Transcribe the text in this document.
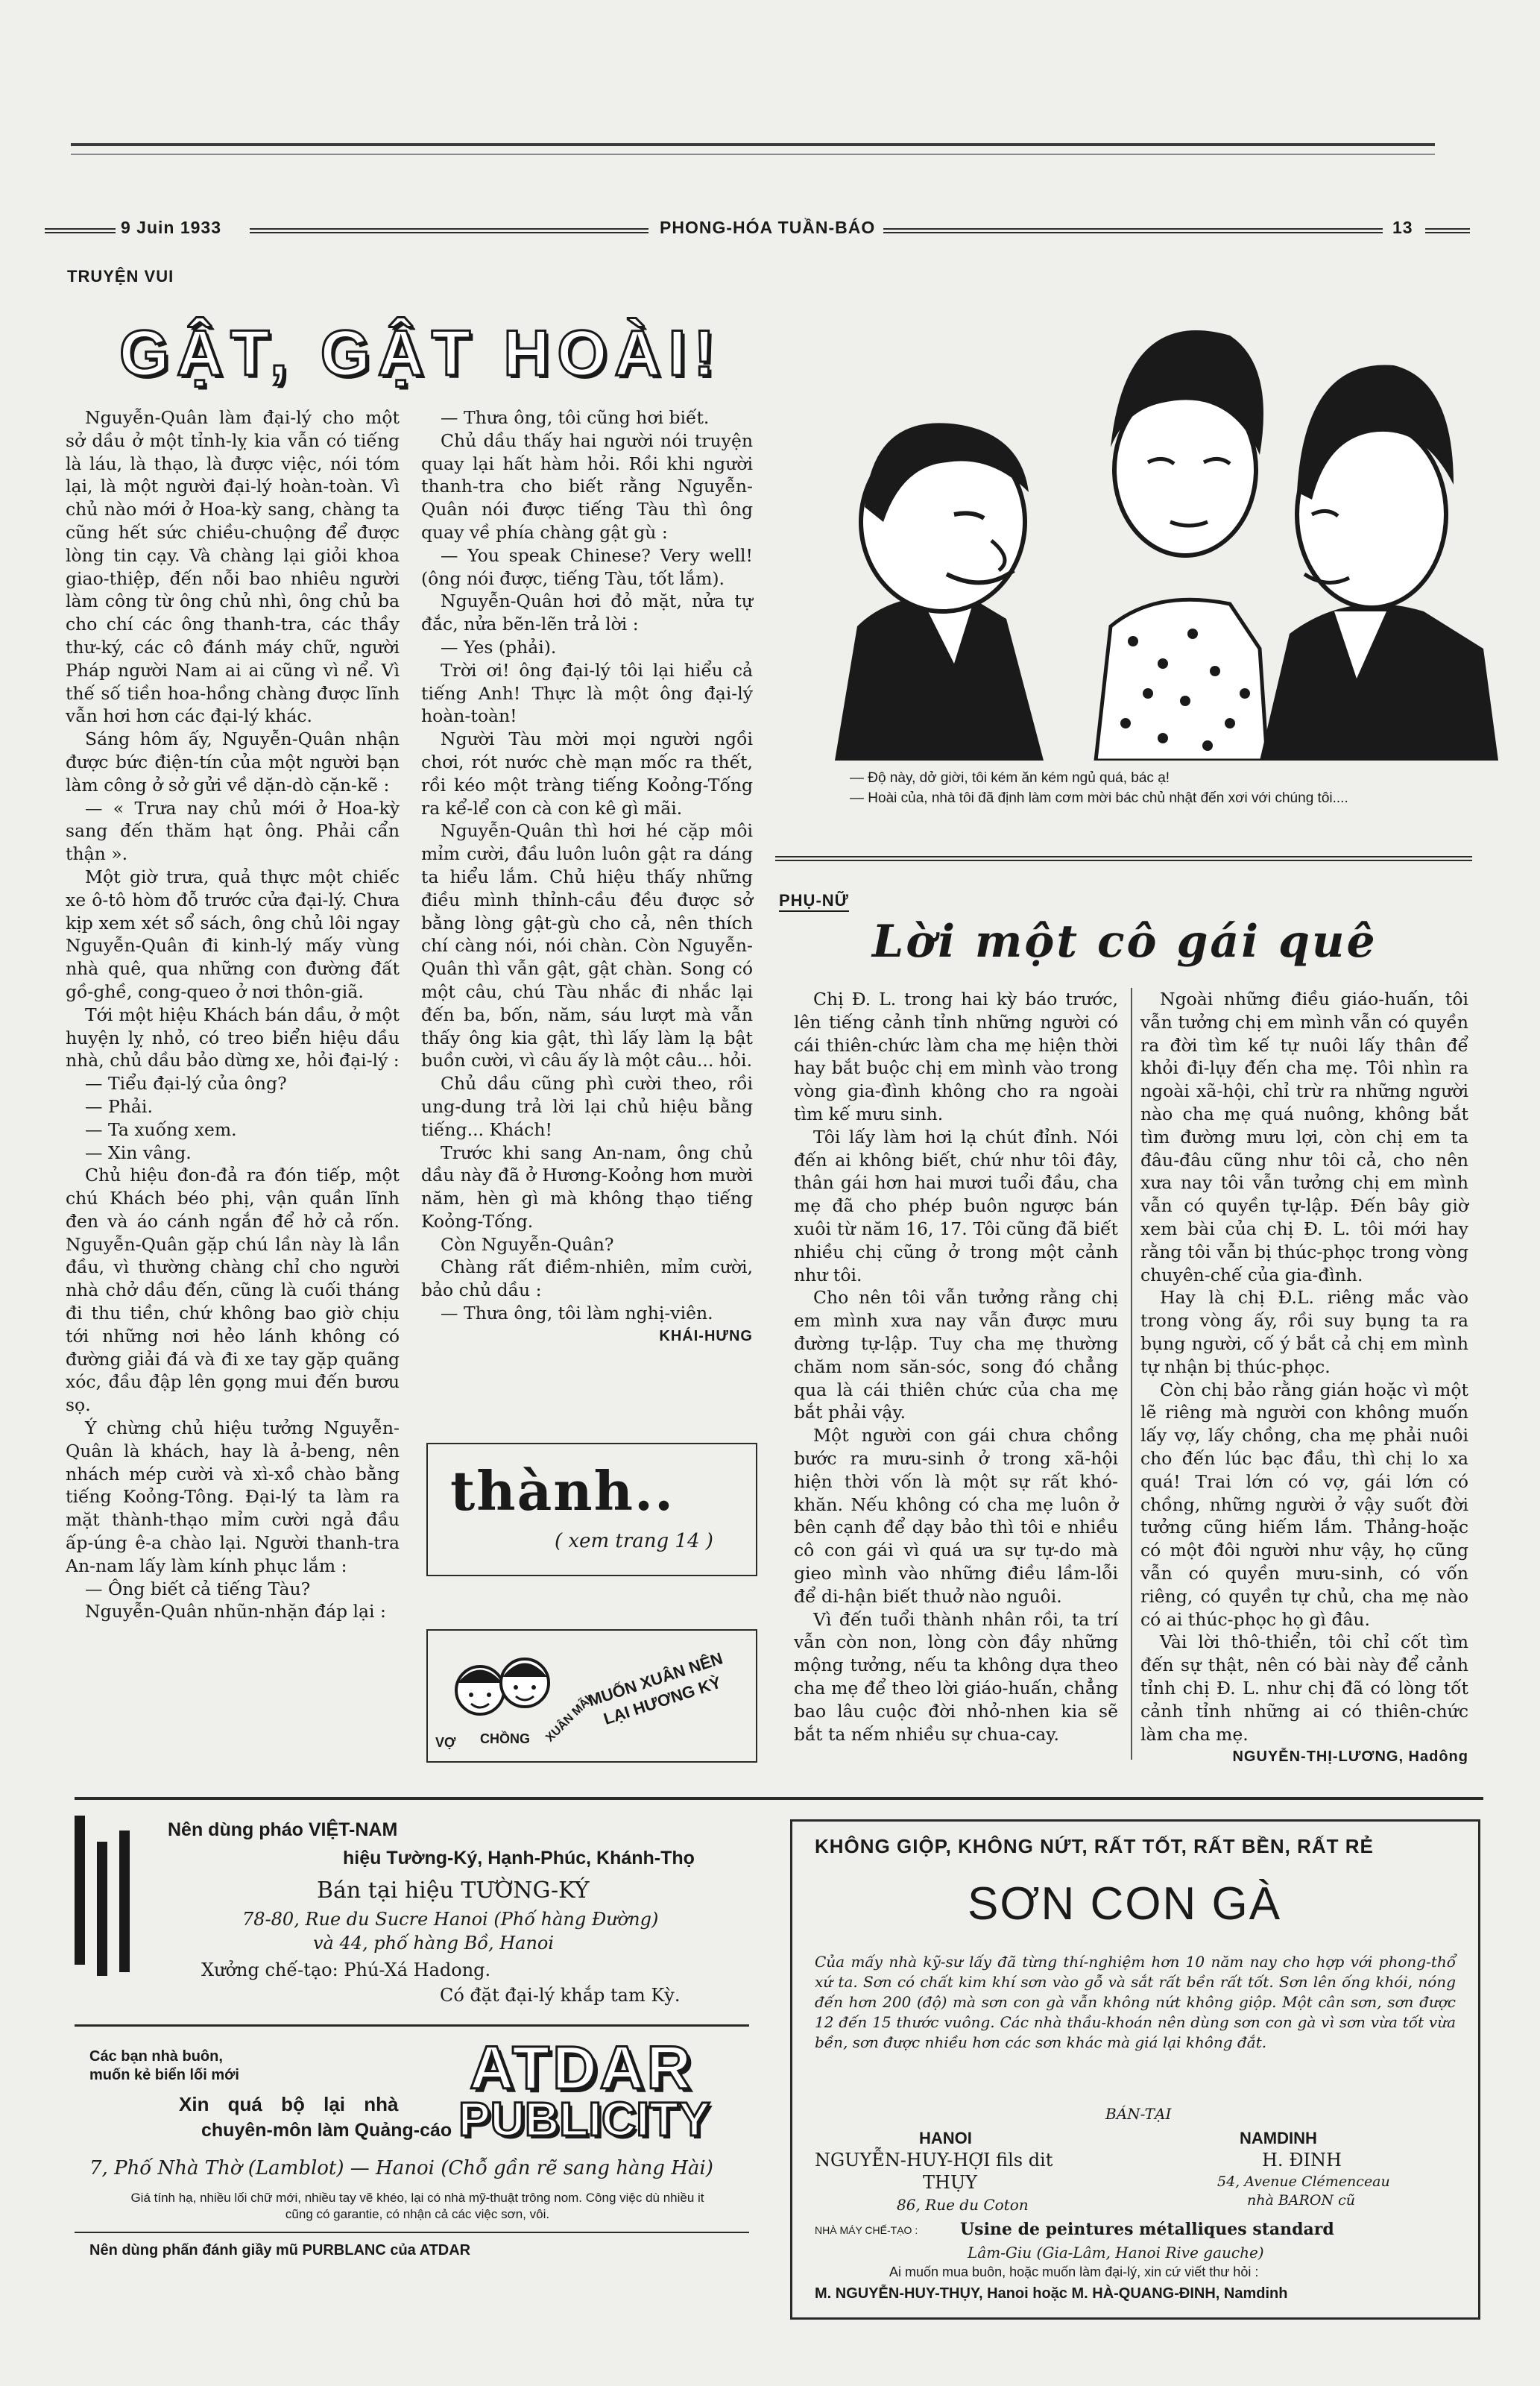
9 Juin 1933	PHONG-HÓA TUẦN-BÁO	13
TRUYỆN VUI
GẬT, GẬT HOÀI!

Nguyễn-Quân làm đại-lý cho một sở dầu ở một tỉnh-lỵ kia vẫn có tiếng là láu, là thạo, là được việc, nói tóm lại, là một người đại-lý hoàn-toàn. Vì chủ nào mới ở Hoa-kỳ sang, chàng ta cũng hết sức chiều-chuộng để được lòng tin cạy. Và chàng lại giỏi khoa giao-thiệp, đến nỗi bao nhiêu người làm công từ ông chủ nhì, ông chủ ba cho chí các ông thanh-tra, các thầy thư-ký, các cô đánh máy chữ, người Pháp người Nam ai ai cũng vì nể. Vì thế số tiền hoa-hồng chàng được lĩnh vẫn hơi hơn các đại-lý khác.

Sáng hôm ấy, Nguyễn-Quân nhận được bức điện-tín của một người bạn làm công ở sở gửi về dặn-dò cặn-kẽ :

— « Trưa nay chủ mới ở Hoa-kỳ sang đến thăm hạt ông. Phải cẩn thận ».

Một giờ trưa, quả thực một chiếc xe ô-tô hòm đỗ trước cửa đại-lý. Chưa kịp xem xét sổ sách, ông chủ lôi ngay Nguyễn-Quân đi kinh-lý mấy vùng nhà quê, qua những con đường đất gồ-ghề, cong-queo ở nơi thôn-giã.

Tới một hiệu Khách bán dầu, ở một huyện lỵ nhỏ, có treo biển hiệu dầu nhà, chủ dầu bảo dừng xe, hỏi đại-lý :

— Tiểu đại-lý của ông?

— Phải.

— Ta xuống xem.

— Xin vâng.

Chủ hiệu đon-đả ra đón tiếp, một chú Khách béo phị, vận quần lĩnh đen và áo cánh ngắn để hở cả rốn. Nguyễn-Quân gặp chú lần này là lần đầu, vì thường chàng chỉ cho người nhà chở dầu đến, cũng là cuối tháng đi thu tiền, chứ không bao giờ chịu tới những nơi hẻo lánh không có đường giải đá và đi xe tay gặp quãng xóc, đầu đập lên gọng mui đến bươu sọ.

Ý chừng chủ hiệu tưởng Nguyễn-Quân là khách, hay là ả-beng, nên nhách mép cười và xì-xồ chào bằng tiếng Koỏng-Tông. Đại-lý ta làm ra mặt thành-thạo mỉm cười ngả đầu ấp-úng ê-a chào lại. Người thanh-tra An-nam lấy làm kính phục lắm :

— Ông biết cả tiếng Tàu?

Nguyễn-Quân nhũn-nhặn đáp lại :

— Thưa ông, tôi cũng hơi biết.

Chủ dầu thấy hai người nói truyện quay lại hất hàm hỏi. Rồi khi người thanh-tra cho biết rằng Nguyễn-Quân nói được tiếng Tàu thì ông quay về phía chàng gật gù :

— You speak Chinese? Very well! (ông nói được, tiếng Tàu, tốt lắm).

Nguyễn-Quân hơi đỏ mặt, nửa tự đắc, nửa bẽn-lẽn trả lời :

— Yes (phải).

Trời ơi! ông đại-lý tôi lại hiểu cả tiếng Anh! Thực là một ông đại-lý hoàn-toàn!

Người Tàu mời mọi người ngồi chơi, rót nước chè mạn mốc ra thết, rồi kéo một tràng tiếng Koỏng-Tống ra kể-lể con cà con kê gì mãi.

Nguyễn-Quân thì hơi hé cặp môi mỉm cười, đầu luôn luôn gật ra dáng ta hiểu lắm. Chủ hiệu thấy những điều mình thỉnh-cầu đều được sở bằng lòng gật-gù cho cả, nên thích chí càng nói, nói chàn. Còn Nguyễn-Quân thì vẫn gật, gật chàn. Song có một câu, chú Tàu nhắc đi nhắc lại đến ba, bốn, năm, sáu lượt mà vẫn thấy ông kia gật, thì lấy làm lạ bật buồn cười, vì câu ấy là một câu... hỏi.

Chủ dầu cũng phì cười theo, rồi ung-dung trả lời lại chủ hiệu bằng tiếng... Khách!

Trước khi sang An-nam, ông chủ dầu này đã ở Hương-Koỏng hơn mười năm, hèn gì mà không thạo tiếng Koỏng-Tống.

Còn Nguyễn-Quân?

Chàng rất điềm-nhiên, mỉm cười, bảo chủ dầu :

— Thưa ông, tôi làm nghị-viên.

KHÁI-HƯNG

thành..
( xem trang 14 )
VỢ CHỒNG XUÂN MÃI
MUỐN XUÂN NÊN LẠI HƯƠNG KỲ
— Độ này, dở giời, tôi kém ăn kém ngủ quá, bác ạ!
— Hoài của, nhà tôi đã định làm cơm mời bác chủ nhật đến xơi với chúng tôi....
PHỤ-NỮ
Lời một cô gái quê

Chị Đ. L. trong hai kỳ báo trước, lên tiếng cảnh tỉnh những người có cái thiên-chức làm cha mẹ hiện thời hay bắt buộc chị em mình vào trong vòng gia-đình không cho ra ngoài tìm kế mưu sinh.

Tôi lấy làm hơi lạ chút đỉnh. Nói đến ai không biết, chứ như tôi đây, thân gái hơn hai mươi tuổi đầu, cha mẹ đã cho phép buôn ngược bán xuôi từ năm 16, 17. Tôi cũng đã biết nhiều chị cũng ở trong một cảnh như tôi.

Cho nên tôi vẫn tưởng rằng chị em mình xưa nay vẫn được mưu đường tự-lập. Tuy cha mẹ thường chăm nom săn-sóc, song đó chẳng qua là cái thiên chức của cha mẹ bắt phải vậy.

Một người con gái chưa chồng bước ra mưu-sinh ở trong xã-hội hiện thời vốn là một sự rất khó-khăn. Nếu không có cha mẹ luôn ở bên cạnh để dạy bảo thì tôi e nhiều cô con gái vì quá ưa sự tự-do mà gieo mình vào những điều lầm-lỗi để di-hận biết thuở nào nguôi.

Vì đến tuổi thành nhân rồi, ta trí vẫn còn non, lòng còn đầy những mộng tưởng, nếu ta không dựa theo cha mẹ để theo lời giáo-huấn, chẳng bao lâu cuộc đời nhỏ-nhen kia sẽ bắt ta nếm nhiều sự chua-cay.

Ngoài những điều giáo-huấn, tôi vẫn tưởng chị em mình vẫn có quyền ra đời tìm kế tự nuôi lấy thân để khỏi đi-lụy đến cha mẹ. Tôi nhìn ra ngoài xã-hội, chỉ trừ ra những người nào cha mẹ quá nuông, không bắt tìm đường mưu lợi, còn chị em ta đâu-đâu cũng như tôi cả, cho nên xưa nay tôi vẫn tưởng chị em mình vẫn có quyền tự-lập. Đến bây giờ xem bài của chị Đ. L. tôi mới hay rằng tôi vẫn bị thúc-phọc trong vòng chuyên-chế của gia-đình.

Hay là chị Đ.L. riêng mắc vào trong vòng ấy, rồi suy bụng ta ra bụng người, cố ý bắt cả chị em mình tự nhận bị thúc-phọc.

Còn chị bảo rằng gián hoặc vì một lẽ riêng mà người con không muốn lấy vợ, lấy chồng, cha mẹ phải nuôi cho đến lúc bạc đầu, thì chị lo xa quá! Trai lớn có vợ, gái lớn có chồng, những người ở vậy suốt đời tưởng cũng hiếm lắm. Thảng-hoặc có một đôi người như vậy, họ cũng vẫn có quyền mưu-sinh, có vốn riêng, có quyền tự chủ, cha mẹ nào có ai thúc-phọc họ gì đâu.

Vài lời thô-thiển, tôi chỉ cốt tìm đến sự thật, nên có bài này để cảnh tỉnh chị Đ. L. như chị đã có lòng tốt cảnh tỉnh những ai có thiên-chức làm cha mẹ.

NGUYỄN-THỊ-LƯƠNG, Hadông

Nên dùng pháo VIỆT-NAM
hiệu Tường-Ký, Hạnh-Phúc, Khánh-Thọ
Bán tại hiệu TƯỜNG-KÝ
78-80, Rue du Sucre Hanoi (Phố hàng Đường)
và 44, phố hàng Bồ, Hanoi
Xưởng chế-tạo: Phú-Xá Hadong.
Có đặt đại-lý khắp tam Kỳ.
Các bạn nhà buôn,
muốn kẻ biển lối mới
Xin quá bộ lại nhà
chuyên-môn làm Quảng-cáo
ATDAR
PUBLICITY
7, Phố Nhà Thờ (Lamblot) — Hanoi (Chỗ gần rẽ sang hàng Hài)
Giá tính hạ, nhiều lối chữ mới, nhiều tay vẽ khéo, lại có nhà mỹ-thuật trông nom. Công việc dù nhiều it cũng có garantie, có nhận cả các việc sơn, vôi.
Nên dùng phấn đánh giầy mũ PURBLANC của ATDAR
KHÔNG GIỘP, KHÔNG NỨT, RẤT TỐT, RẤT BỀN, RẤT RẺ
SƠN CON GÀ
Của mấy nhà kỹ-sư lấy đã từng thí-nghiệm hơn 10 năm nay cho hợp với phong-thổ xứ ta. Sơn có chất kim khí sơn vào gỗ và sắt rất bền rất tốt. Sơn lên ống khói, nóng đến hơn 200 (độ) mà sơn con gà vẫn không nứt không giộp. Một cân sơn, sơn được 12 đến 15 thước vuông. Các nhà thầu-khoán nên dùng sơn con gà vì sơn vừa tốt vừa bền, sơn được nhiều hơn các sơn khác mà giá lại không đắt.
BÁN-TẠI
HANOI
NGUYỄN-HUY-HỢI fils dit
THỤY
86, Rue du Coton
NAMDINH
H. ĐINH
54, Avenue Clémenceau
nhà BARON cũ
NHÀ MÁY CHẾ-TẠO :	Usine de peintures métalliques standard
Lâm-Giu (Gia-Lâm, Hanoi Rive gauche)
Ai muốn mua buôn, hoặc muốn làm đại-lý, xin cứ viết thư hỏi :
M. NGUYỄN-HUY-THỤY, Hanoi hoặc M. HÀ-QUANG-ĐINH, Namdinh
